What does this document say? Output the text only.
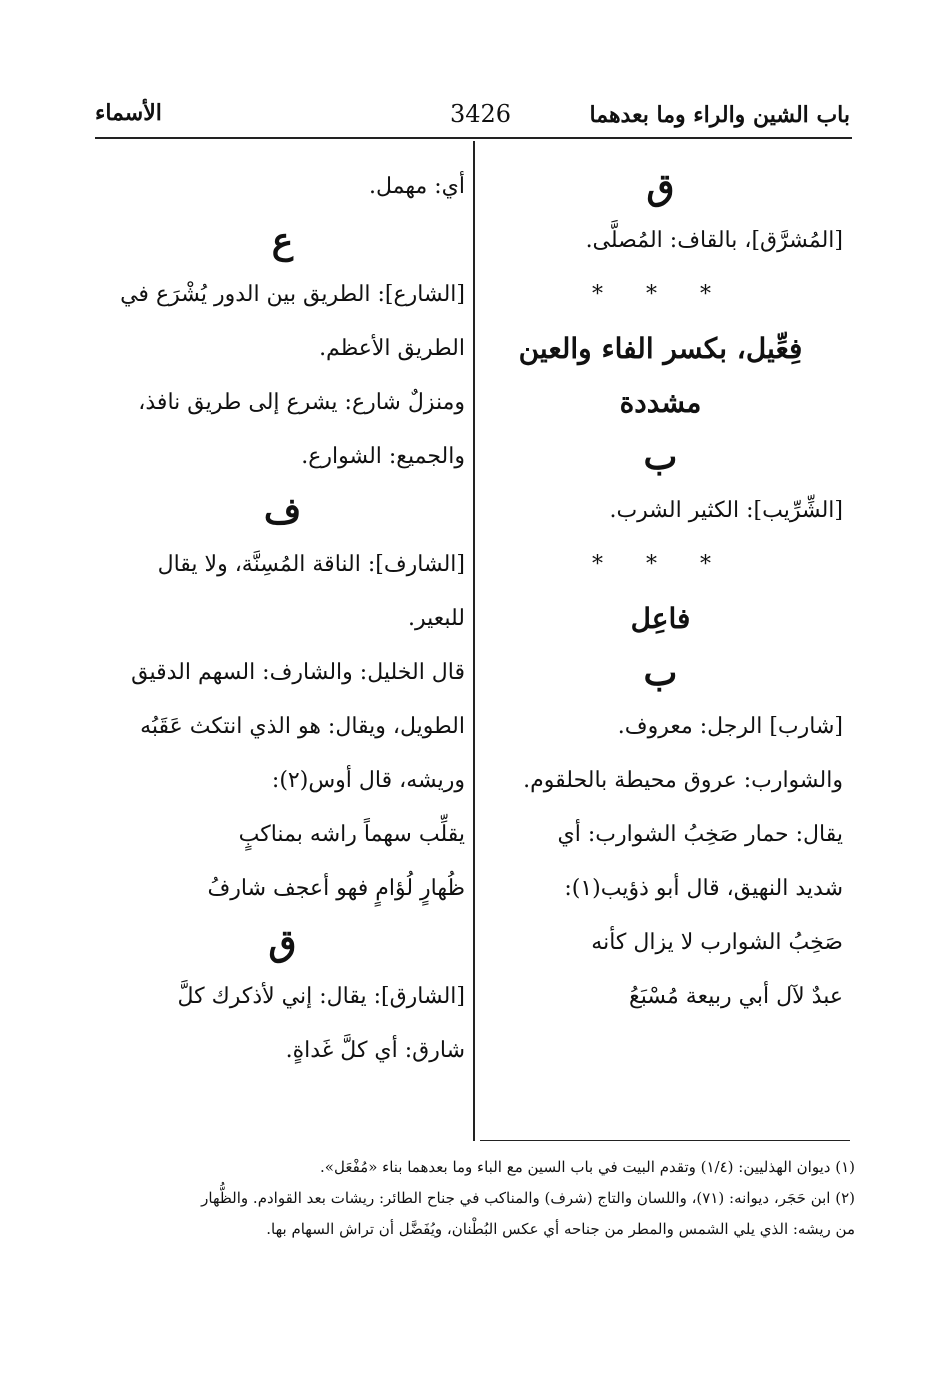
باب الشين والراء وما بعدهما
3426
الأسماء

ق

[المُشرَّق]، بالقاف: المُصلَّى.

* * *

فِعِّيل، بكسر الفاء والعين مشددة

ب

[الشِّرِّيب]: الكثير الشرب.

* * *

فاعِل

ب

[شارب] الرجل: معروف.

والشوارب: عروق محيطة بالحلقوم.

يقال: حمار صَخِبُ الشوارب: أي

شديد النهيق، قال أبو ذؤيب(١):

صَخِبُ الشوارب لا يزال كأنه

عبدٌ لآل أبي ربيعة مُسْبَعُ

أي: مهمل.

ع

[الشارع]: الطريق بين الدور يُشْرَع في

الطريق الأعظم.

ومنزلٌ شارع: يشرع إلى طريق نافذ،

والجميع: الشوارع.

ف

[الشارف]: الناقة المُسِنَّة، ولا يقال

للبعير.

قال الخليل: والشارف: السهم الدقيق

الطويل، ويقال: هو الذي انتكث عَقَبُه

وريشه، قال أوس(٢):

يقلِّب سهماً راشه بمناكبٍ

ظُهارٍ لُؤامٍ فهو أعجف شارفُ

ق

[الشارق]: يقال: إني لأذكرك كلَّ

شارق: أي كلَّ غَداةٍ.

(١) ديوان الهذليين: (١/٤) وتقدم البيت في باب السين مع الباء وما بعدهما بناء «مُفْعَل».

(٢) ابن حَجَر، ديوانه: (٧١)، واللسان والتاج (شرف) والمناكب في جناح الطائر: ريشات بعد القوادم. والظُّهار

من ريشه: الذي يلي الشمس والمطر من جناحه أي عكس البُطْنان، ويُفَضَّل أن تراش السهام بها.
